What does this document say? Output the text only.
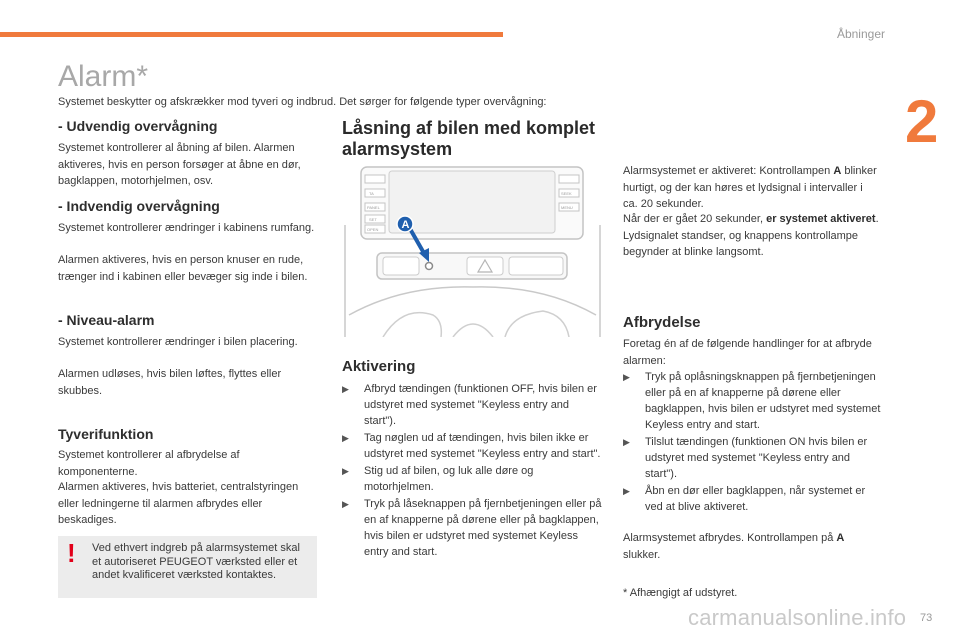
Åbninger
2
Alarm*
Systemet beskytter og afskrækker mod tyveri og indbrud. Det sørger for følgende typer overvågning:
- Udvendig overvågning

Systemet kontrollerer al åbning af bilen. Alarmen aktiveres, hvis en person forsøger at åbne en dør, bagklappen, motorhjelmen, osv.

- Indvendig overvågning

Systemet kontrollerer ændringer i kabinens rumfang.

Alarmen aktiveres, hvis en person knuser en rude, trænger ind i kabinen eller bevæger sig inde i bilen.

- Niveau-alarm

Systemet kontrollerer ændringer i bilen placering.

Alarmen udløses, hvis bilen løftes, flyttes eller skubbes.

Tyverifunktion

Systemet kontrollerer al afbrydelse af komponenterne.

Alarmen aktiveres, hvis batteriet, centralstyringen eller ledningerne til alarmen afbrydes eller beskadiges.

! Ved ethvert indgreb på alarmsystemet skal et autoriseret PEUGEOT værksted eller et andet kvalificeret værksted kontaktes.
Låsning af bilen med komplet alarmsystem
TA	SEEK
PANEL
SET
OPEN
MENU
A
Aktivering
▶ Afbryd tændingen (funktionen OFF, hvis bilen er udstyret med systemet "Keyless entry and start").
▶ Tag nøglen ud af tændingen, hvis bilen ikke er udstyret med systemet "Keyless entry and start".
▶ Stig ud af bilen, og luk alle døre og motorhjelmen.
▶ Tryk på låseknappen på fjernbetjeningen eller på en af knapperne på dørene eller på bagklappen, hvis bilen er udstyret med systemet Keyless entry and start.

Alarmsystemet er aktiveret: Kontrollampen A blinker hurtigt, og der kan høres et lydsignal i intervaller i ca. 20 sekunder.

Når der er gået 20 sekunder, er systemet aktiveret. Lydsignalet standser, og knappens kontrollampe begynder at blinke langsomt.

Afbrydelse

Foretag én af de følgende handlinger for at afbryde alarmen:

▶ Tryk på oplåsningsknappen på fjernbetjeningen eller på en af knapperne på dørene eller bagklappen, hvis bilen er udstyret med systemet Keyless entry and start.
▶ Tilslut tændingen (funktionen ON hvis bilen er udstyret med systemet "Keyless entry and start").
▶ Åbn en dør eller bagklappen, når systemet er ved at blive aktiveret.

Alarmsystemet afbrydes. Kontrollampen på A slukker.

* Afhængigt af udstyret.

carmanualsonline.info 73
